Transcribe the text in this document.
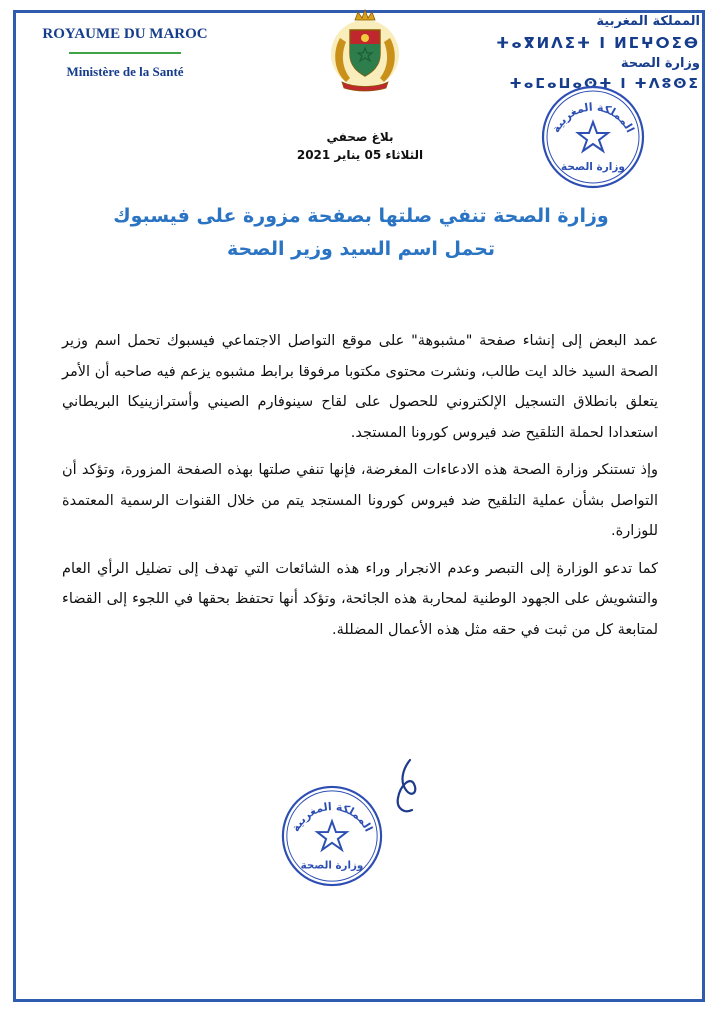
ROYAUME DU MAROC
Ministère de la Santé
المملكة المغربية
ⵜⴰⴳⵍⴷⵉⵜ ⵏ ⵍⵎⵖⵔⵉⴱ
وزارة الصحة
ⵜⴰⵎⴰⵡⴰⵙⵜ ⵏ ⵜⴷⵓⵙⵉ
المملكة المغربية
وزارة الصحة
بلاغ صحفي
الثلاثاء 05 يناير 2021
وزارة الصحة تنفي صلتها بصفحة مزورة على فيسبوك
تحمل اسم السيد وزير الصحة

عمد البعض إلى إنشاء صفحة "مشبوهة" على موقع التواصل الاجتماعي فيسبوك تحمل اسم وزير الصحة السيد خالد ايت طالب، ونشرت محتوى مكتوبا مرفوقا برابط مشبوه يزعم فيه صاحبه أن الأمر يتعلق بانطلاق التسجيل الإلكتروني للحصول على لقاح سينوفارم الصيني وأسترازينيكا البريطاني استعدادا لحملة التلقيح ضد فيروس كورونا المستجد.

وإذ تستنكر وزارة الصحة هذه الادعاءات المغرضة، فإنها تنفي صلتها بهذه الصفحة المزورة، وتؤكد أن التواصل بشأن عملية التلقيح ضد فيروس كورونا المستجد يتم من خلال القنوات الرسمية المعتمدة للوزارة.

كما تدعو الوزارة إلى التبصر وعدم الانجرار وراء هذه الشائعات التي تهدف إلى تضليل الرأي العام والتشويش على الجهود الوطنية لمحاربة هذه الجائحة، وتؤكد أنها تحتفظ بحقها في اللجوء إلى القضاء لمتابعة كل من ثبت في حقه مثل هذه الأعمال المضللة.

المملكة المغربية
وزارة الصحة
